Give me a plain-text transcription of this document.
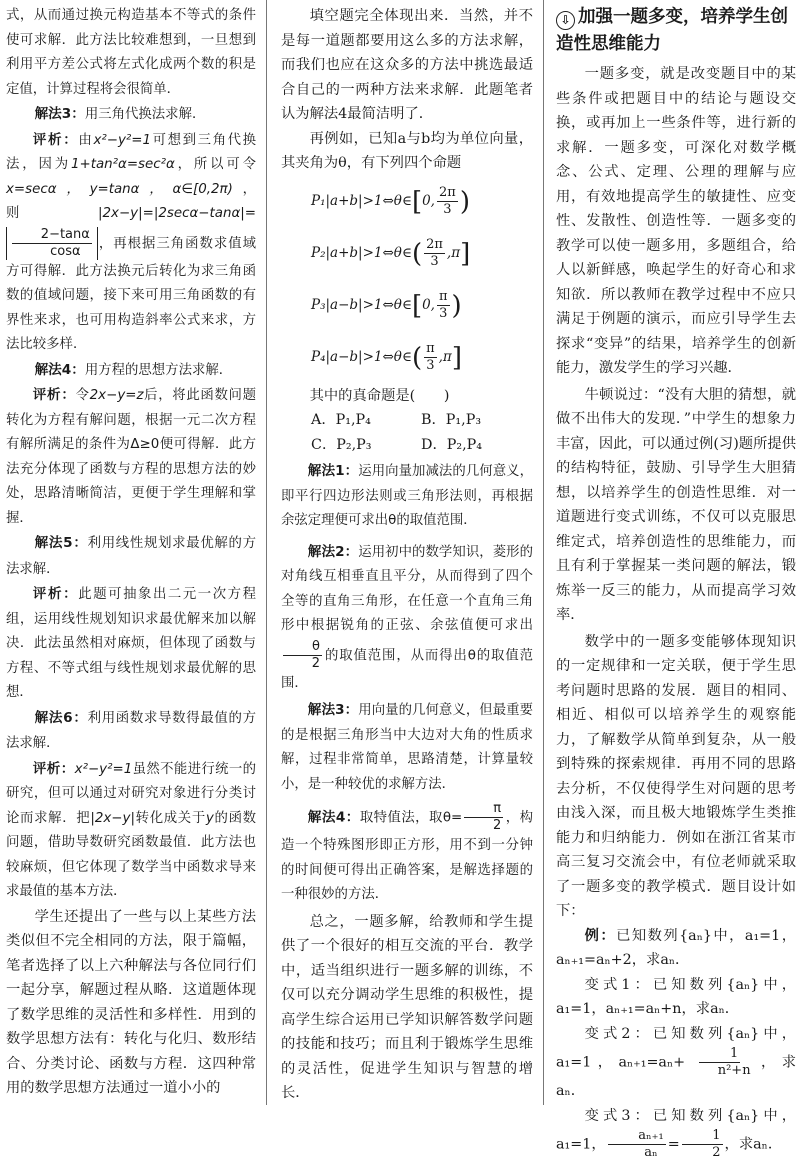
式，从而通过换元构造基本不等式的条件使可求解．此方法比较难想到，一旦想到利用平方差公式将左式化成两个数的积是定值，计算过程将会很简单．

解法3：用三角代换法求解．

评析：由x²−y²=1可想到三角代换法，因为1+tan²α=sec²α，所以可令x=secα，y=tanα，α∈[0,2π)，则|2x−y|=|2secα−tanα|=
$\frac{2-\tan\alpha}{\cos\alpha}$ ，再根据三角函数求值域方可得解．此方法换元后转化为求三角函数的值域问题，接下来可用三角函数的有界性来求，也可用构造斜率公式来求，方法比较多样．

解法4：用方程的思想方法求解．

评析：令2x−y=z后，将此函数问题转化为方程有解问题，根据一元二次方程有解所满足的条件为Δ≥0便可得解．此方法充分体现了函数与方程的思想方法的妙处，思路清晰简洁，更便于学生理解和掌握．

解法5：利用线性规划求最优解的方法求解．

评析：此题可抽象出二元一次方程组，运用线性规划知识求最优解来加以解决．此法虽然相对麻烦，但体现了函数与方程、不等式组与线性规划求最优解的思想．

解法6：利用函数求导数得最值的方法求解．

评析：x²−y²=1虽然不能进行统一的研究，但可以通过对研究对象进行分类讨论而求解．把|2x−y|转化成关于y的函数问题，借助导数研究函数最值．此方法也较麻烦，但它体现了数学当中函数求导来求最值的基本方法．

学生还提出了一些与以上某些方法类似但不完全相同的方法，限于篇幅，笔者选择了以上六种解法与各位同行们一起分享，解题过程从略．这道题体现了数学思维的灵活性和多样性．用到的数学思想方法有：转化与化归、数形结合、分类讨论、函数与方程．这四种常用的数学思想方法通过一道小小的

填空题完全体现出来．当然，并不是每一道题都要用这么多的方法求解，而我们也应在这众多的方法中挑选最适合自己的一两种方法来求解．此题笔者认为解法4最简洁明了．

再例如，已知a与b均为单位向量，其夹角为θ，有下列四个命题

P₁ |a+b|>1⇔θ∈ [ 0, $\frac{2\pi}{3}$ )
P₂ |a+b|>1⇔θ∈ ( $\frac{2\pi}{3} ,\pi$ ]
P₃ |a−b|>1⇔θ∈ [ 0, $\frac{\pi}{3}$ )
P₄ |a−b|>1⇔θ∈ ( $\frac{\pi}{3} ,\pi$ ]

其中的真命题是(　　)

A．P₁,P₄	B．P₁,P₃
C．P₂,P₃	D．P₂,P₄

解法1：运用向量加减法的几何意义，即平行四边形法则或三角形法则，再根据余弦定理便可求出θ的取值范围．

解法2：运用初中的数学知识，菱形的对角线互相垂直且平分，从而得到了四个全等的直角三角形，在任意一个直角三角形中根据锐角的正弦、余弦值便可求出
$\frac{\theta}{2}$ 的取值范围，从而得出θ的取值范围．

解法3：用向量的几何意义，但最重要的是根据三角形当中大边对大角的性质求解，过程非常简单，思路清楚，计算量较小，是一种较优的求解方法．

解法4：取特值法，取$\theta= \frac{\pi}{2}$ ，构造一个特殊图形即正方形，用不到一分钟的时间便可得出正确答案，是解选择题的一种很妙的方法．

总之，一题多解，给教师和学生提供了一个很好的相互交流的平台．教学中，适当组织进行一题多解的训练，不仅可以充分调动学生思维的积极性，提高学生综合运用已学知识解答数学问题的技能和技巧；而且利于锻炼学生思维的灵活性，促进学生知识与智慧的增长．

⇩ 加强一题多变，培养学生创造性思维能力

一题多变，就是改变题目中的某些条件或把题目中的结论与题设交换，或再加上一些条件等，进行新的求解．一题多变，可深化对数学概念、公式、定理、公理的理解与应用，有效地提高学生的敏捷性、应变性、发散性、创造性等．一题多变的教学可以使一题多用，多题组合，给人以新鲜感，唤起学生的好奇心和求知欲．所以教师在教学过程中不应只满足于例题的演示，而应引导学生去探求“变异”的结果，培养学生的创新能力，激发学生的学习兴趣．

牛顿说过：“没有大胆的猜想，就做不出伟大的发现．”中学生的想象力丰富，因此，可以通过例(习)题所提供的结构特征，鼓励、引导学生大胆猜想，以培养学生的创造性思维．对一道题进行变式训练，不仅可以克服思维定式，培养创造性的思维能力，而且有利于掌握某一类问题的解法，锻炼举一反三的能力，从而提高学习效率．

数学中的一题多变能够体现知识的一定规律和一定关联，便于学生思考问题时思路的发展．题目的相同、相近、相似可以培养学生的观察能力，了解数学从简单到复杂，从一般到特殊的探索规律．再用不同的思路去分析，不仅使得学生对问题的思考由浅入深，而且极大地锻炼学生类推能力和归纳能力．例如在浙江省某市高三复习交流会中，有位老师就采取了一题多变的教学模式．题目设计如下：

例：已知数列{aₙ}中，a₁=1，aₙ₊₁=aₙ+2，求aₙ．

变式1：已知数列{aₙ}中，a₁=1，aₙ₊₁=aₙ+n，求aₙ．

变式2：已知数列{aₙ}中，a₁=1，$a_{n+1}=a_n+ \frac{1}{\text{n²+n}}$ ，求aₙ．

变式3：已知数列{aₙ}中，a₁=1， $\frac{\text{aₙ₊₁}}{\text{aₙ}} = \frac{1}{2}$ ，求aₙ．
